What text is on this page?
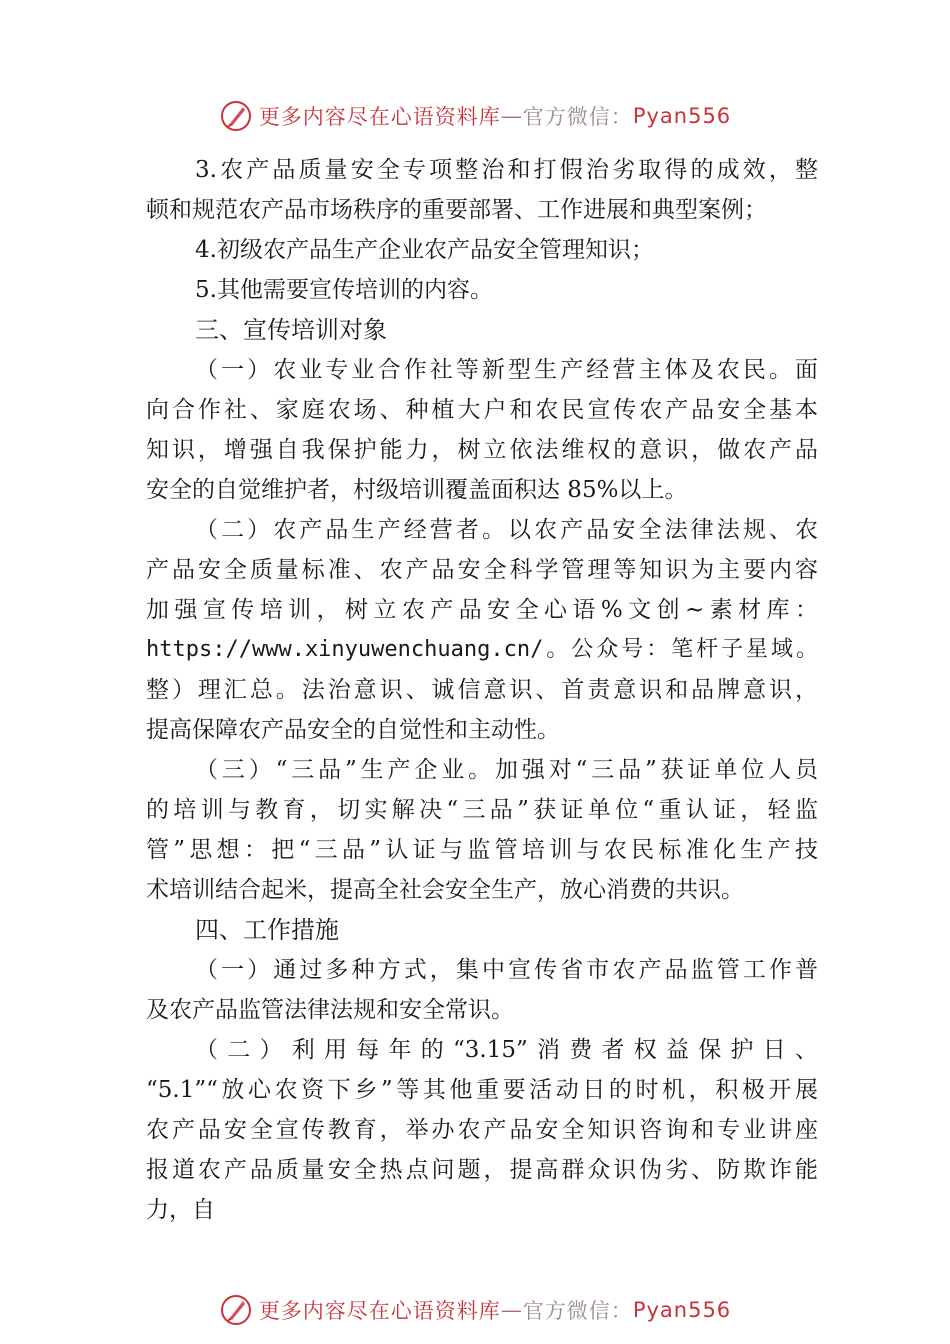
更多内容尽在心语资料库 — 官方微信： Pyan556
3.农产品质量安全专项整治和打假治劣取得的成效，整
顿和规范农产品市场秩序的重要部署、工作进展和典型案例；
4.初级农产品生产企业农产品安全管理知识；
5.其他需要宣传培训的内容。
三、宣传培训对象
（一）农业专业合作社等新型生产经营主体及农民。面
向合作社、家庭农场、种植大户和农民宣传农产品安全基本
知识，增强自我保护能力，树立依法维权的意识，做农产品
安全的自觉维护者，村级培训覆盖面积达 85%以上。
（二）农产品生产经营者。以农产品安全法律法规、农
产品安全质量标准、农产品安全科学管理等知识为主要内容
加强宣传培训，树立农产品安全心语%文创~素材库：
https://www.xinyuwenchuang.cn/。公众号：笔杆子星域。
整）理汇总。法治意识、诚信意识、首责意识和品牌意识，
提高保障农产品安全的自觉性和主动性。
（三）“三品”生产企业。加强对“三品”获证单位人员
的培训与教育，切实解决“三品”获证单位“重认证，轻监
管”思想：把“三品”认证与监管培训与农民标准化生产技
术培训结合起米，提高全社会安全生产，放心消费的共识。
四、工作措施
（一）通过多种方式，集中宣传省市农产品监管工作普
及农产品监管法律法规和安全常识。
（二）利用每年的“3.15”消费者权益保护日、
“5.1”“放心农资下乡”等其他重要活动日的时机，积极开展
农产品安全宣传教育，举办农产品安全知识咨询和专业讲座
报道农产品质量安全热点问题，提高群众识伪劣、防欺诈能
力，自
更多内容尽在心语资料库 — 官方微信： Pyan556
